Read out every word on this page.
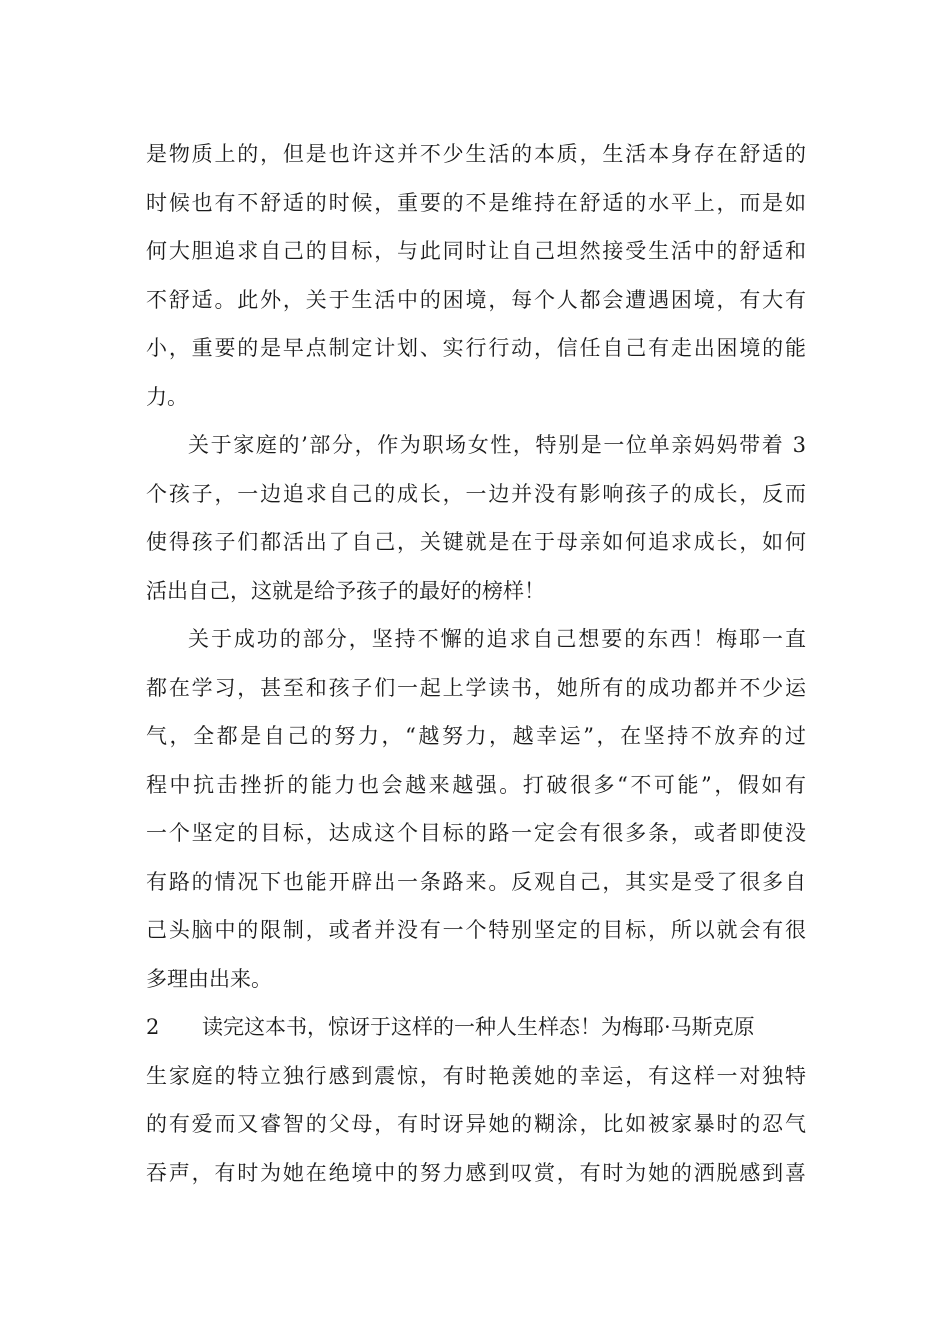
是物质上的，但是也许这并不少生活的本质，生活本身存在舒适的
时候也有不舒适的时候，重要的不是维持在舒适的水平上，而是如
何大胆追求自己的目标，与此同时让自己坦然接受生活中的舒适和
不舒适。此外，关于生活中的困境，每个人都会遭遇困境，有大有
小，重要的是早点制定计划、实行行动，信任自己有走出困境的能
力。
关于家庭的’部分，作为职场女性，特别是一位单亲妈妈带着 3
个孩子，一边追求自己的成长，一边并没有影响孩子的成长，反而
使得孩子们都活出了自己，关键就是在于母亲如何追求成长，如何
活出自己，这就是给予孩子的最好的榜样！
关于成功的部分，坚持不懈的追求自己想要的东西！梅耶一直
都在学习，甚至和孩子们一起上学读书，她所有的成功都并不少运
气，全都是自己的努力，“越努力，越幸运”，在坚持不放弃的过
程中抗击挫折的能力也会越来越强。打破很多“不可能”，假如有
一个坚定的目标，达成这个目标的路一定会有很多条，或者即使没
有路的情况下也能开辟出一条路来。反观自己，其实是受了很多自
己头脑中的限制，或者并没有一个特别坚定的目标，所以就会有很
多理由出来。
2 读完这本书，惊讶于这样的一种人生样态！为梅耶·马斯克原
生家庭的特立独行感到震惊，有时艳羡她的幸运，有这样一对独特
的有爱而又睿智的父母，有时讶异她的糊涂，比如被家暴时的忍气
吞声，有时为她在绝境中的努力感到叹赏，有时为她的洒脱感到喜
